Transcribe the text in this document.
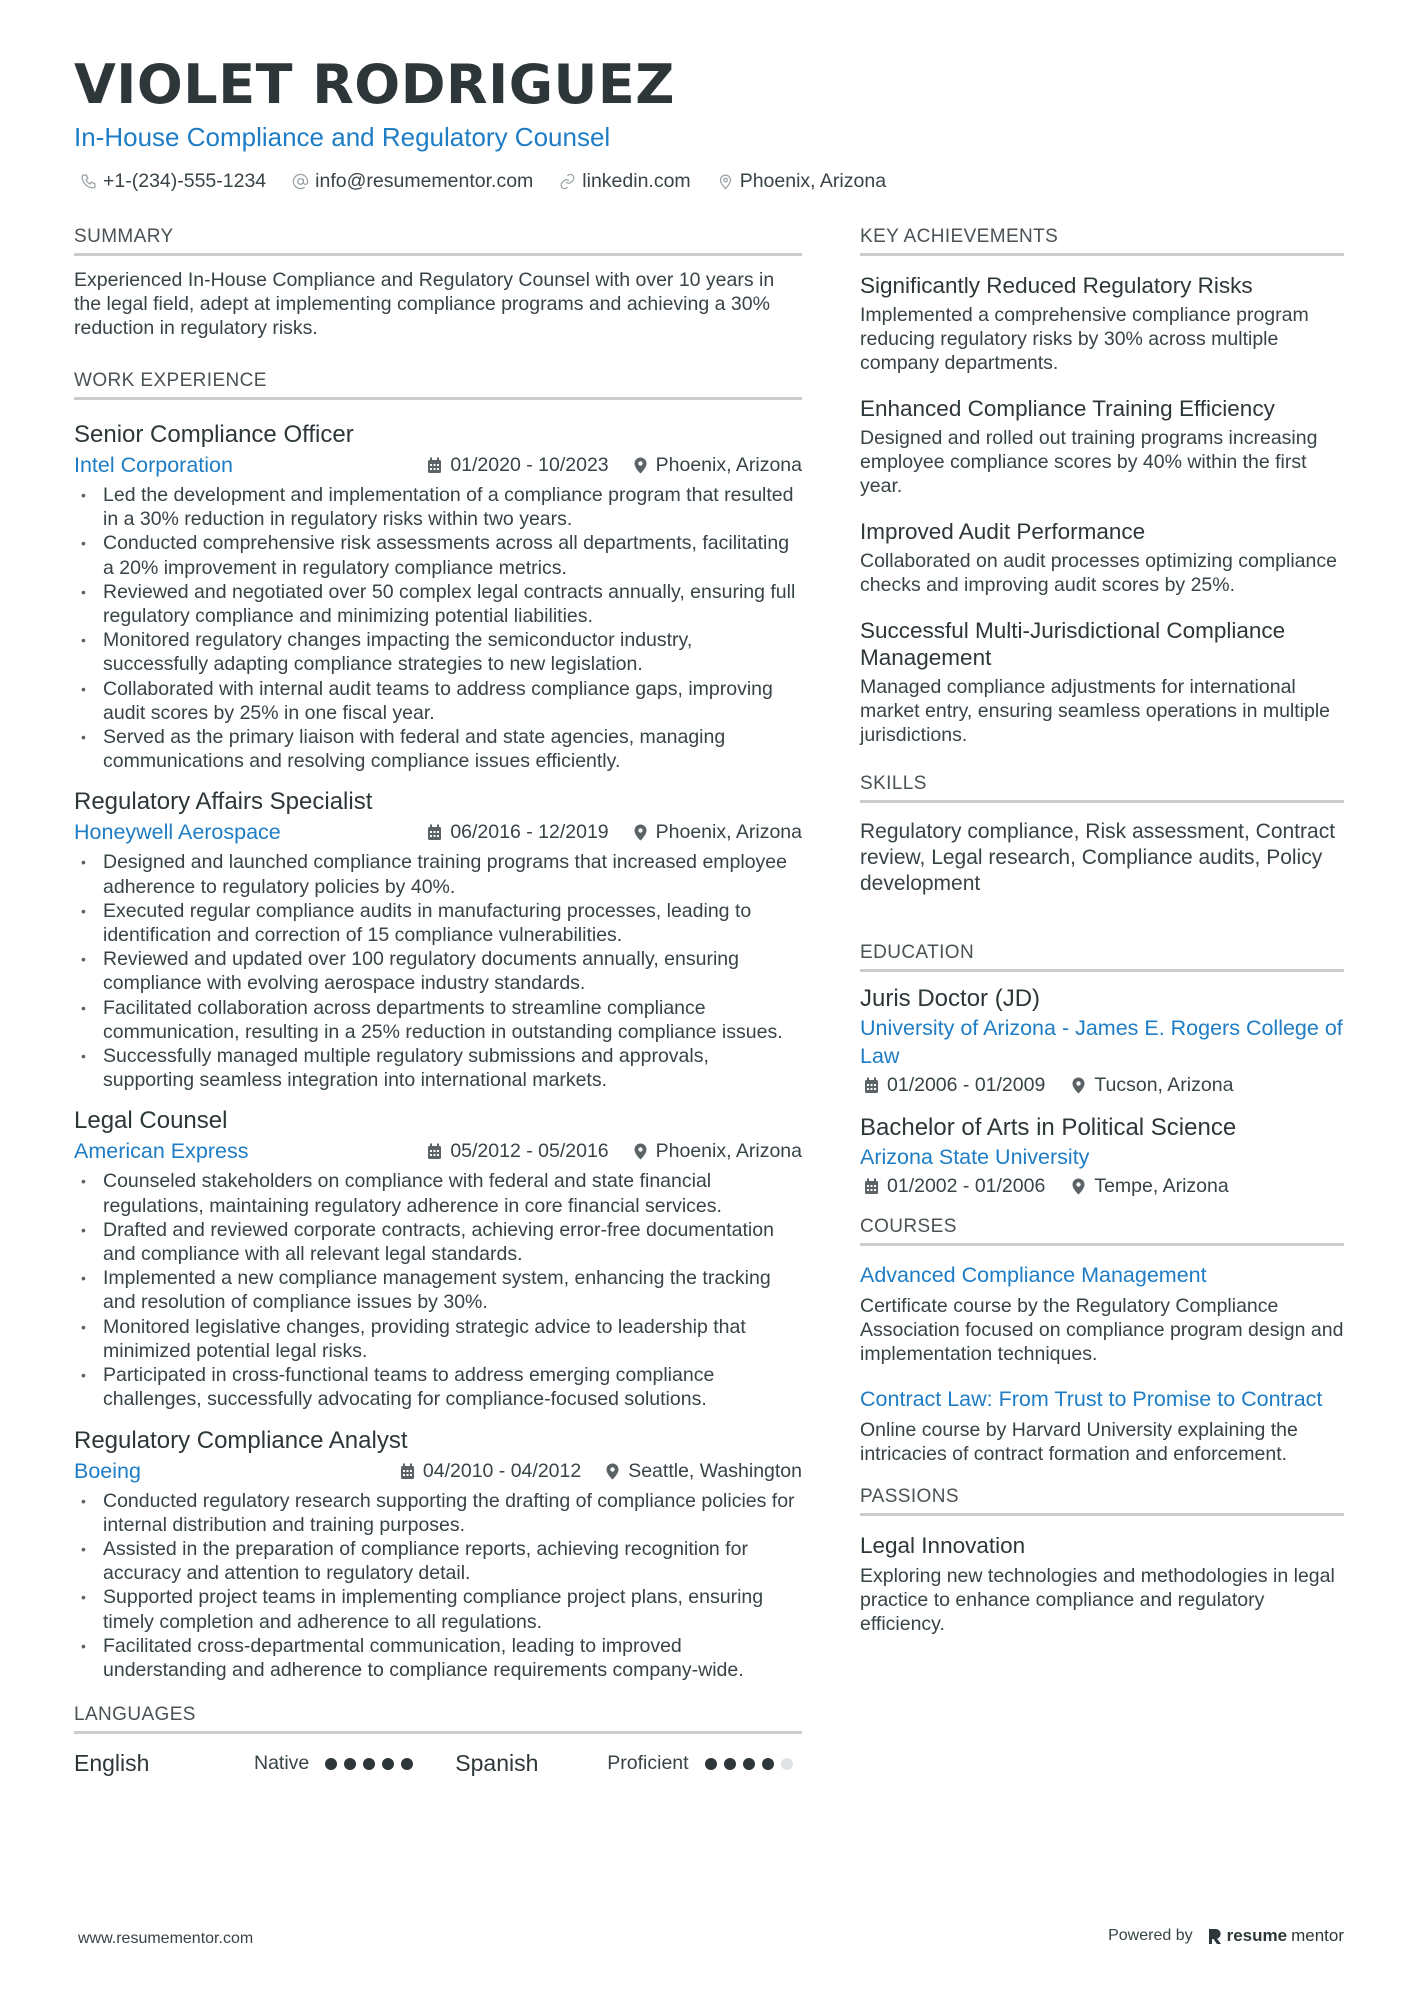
VIOLET RODRIGUEZ
In-House Compliance and Regulatory Counsel
+1-(234)-555-1234	info@resumementor.com	linkedin.com	Phoenix, Arizona
SUMMARY

Experienced In-House Compliance and Regulatory Counsel with over 10 years in the legal field, adept at implementing compliance programs and achieving a 30% reduction in regulatory risks.

WORK EXPERIENCE
Senior Compliance Officer
Intel Corporation	01/2020 - 10/2023 Phoenix, Arizona
• Led the development and implementation of a compliance program that resulted in a 30% reduction in regulatory risks within two years.
• Conducted comprehensive risk assessments across all departments, facilitating a 20% improvement in regulatory compliance metrics.
• Reviewed and negotiated over 50 complex legal contracts annually, ensuring full regulatory compliance and minimizing potential liabilities.
• Monitored regulatory changes impacting the semiconductor industry, successfully adapting compliance strategies to new legislation.
• Collaborated with internal audit teams to address compliance gaps, improving audit scores by 25% in one fiscal year.
• Served as the primary liaison with federal and state agencies, managing communications and resolving compliance issues efficiently.
Regulatory Affairs Specialist
Honeywell Aerospace	06/2016 - 12/2019 Phoenix, Arizona
• Designed and launched compliance training programs that increased employee adherence to regulatory policies by 40%.
• Executed regular compliance audits in manufacturing processes, leading to identification and correction of 15 compliance vulnerabilities.
• Reviewed and updated over 100 regulatory documents annually, ensuring compliance with evolving aerospace industry standards.
• Facilitated collaboration across departments to streamline compliance communication, resulting in a 25% reduction in outstanding compliance issues.
• Successfully managed multiple regulatory submissions and approvals, supporting seamless integration into international markets.
Legal Counsel
American Express	05/2012 - 05/2016 Phoenix, Arizona
• Counseled stakeholders on compliance with federal and state financial regulations, maintaining regulatory adherence in core financial services.
• Drafted and reviewed corporate contracts, achieving error-free documentation and compliance with all relevant legal standards.
• Implemented a new compliance management system, enhancing the tracking and resolution of compliance issues by 30%.
• Monitored legislative changes, providing strategic advice to leadership that minimized potential legal risks.
• Participated in cross-functional teams to address emerging compliance challenges, successfully advocating for compliance-focused solutions.
Regulatory Compliance Analyst
Boeing	04/2010 - 04/2012 Seattle, Washington
• Conducted regulatory research supporting the drafting of compliance policies for internal distribution and training purposes.
• Assisted in the preparation of compliance reports, achieving recognition for accuracy and attention to regulatory detail.
• Supported project teams in implementing compliance project plans, ensuring timely completion and adherence to all regulations.
• Facilitated cross-departmental communication, leading to improved understanding and adherence to compliance requirements company-wide.
LANGUAGES
English	Native	Spanish	Proficient
KEY ACHIEVEMENTS
Significantly Reduced Regulatory Risks
Implemented a comprehensive compliance program reducing regulatory risks by 30% across multiple company departments.
Enhanced Compliance Training Efficiency
Designed and rolled out training programs increasing employee compliance scores by 40% within the first year.
Improved Audit Performance
Collaborated on audit processes optimizing compliance checks and improving audit scores by 25%.
Successful Multi-Jurisdictional Compliance Management
Managed compliance adjustments for international market entry, ensuring seamless operations in multiple jurisdictions.
SKILLS

Regulatory compliance, Risk assessment, Contract review, Legal research, Compliance audits, Policy development

EDUCATION
Juris Doctor (JD)
University of Arizona - James E. Rogers College of Law
01/2006 - 01/2009	Tucson, Arizona
Bachelor of Arts in Political Science
Arizona State University
01/2002 - 01/2006	Tempe, Arizona
COURSES
Advanced Compliance Management
Certificate course by the Regulatory Compliance Association focused on compliance program design and implementation techniques.
Contract Law: From Trust to Promise to Contract
Online course by Harvard University explaining the intricacies of contract formation and enforcement.
PASSIONS
Legal Innovation
Exploring new technologies and methodologies in legal practice to enhance compliance and regulatory efficiency.
www.resumementor.com	Powered by resume mentor
